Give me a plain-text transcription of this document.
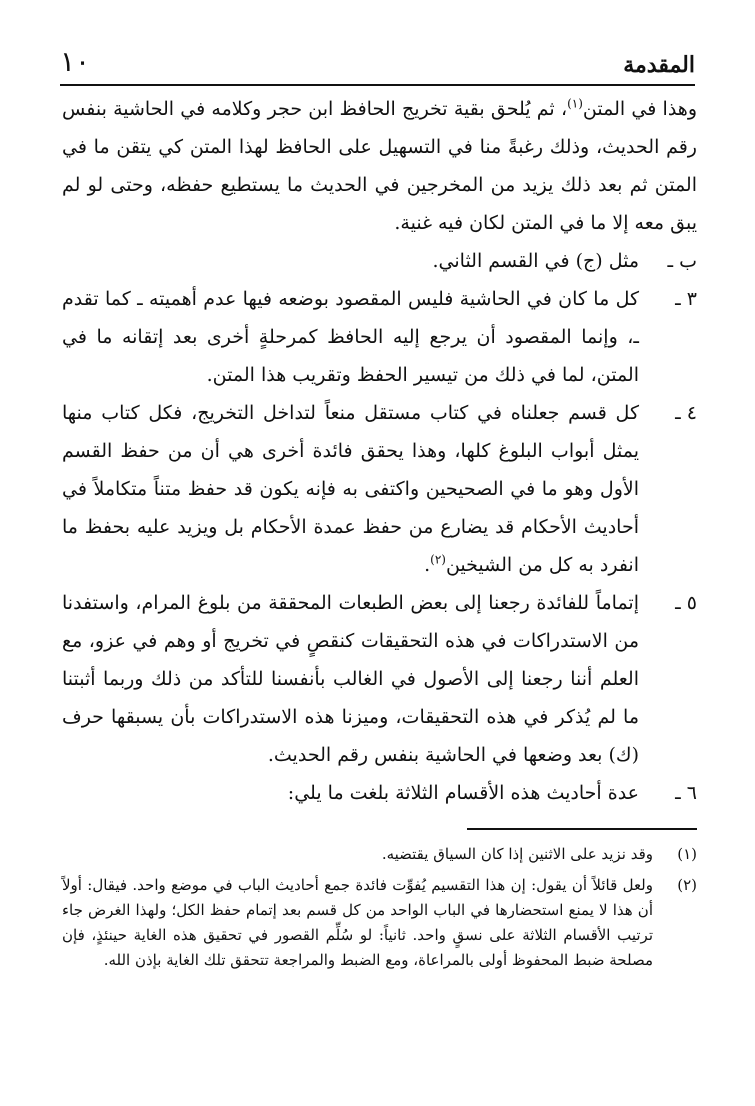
المقدمة
١٠

وهذا في المتن$^{(١)}$، ثم يُلحق بقية تخريج الحافظ ابن حجر وكلامه في الحاشية بنفس رقم الحديث، وذلك رغبةً منا في التسهيل على الحافظ لهذا المتن كي يتقن ما في المتن ثم بعد ذلك يزيد من المخرجين في الحديث ما يستطيع حفظه، وحتى لو لم يبق معه إلا ما في المتن لكان فيه غنية.

ب ـ
مثل (ج) في القسم الثاني.
٣ ـ
كل ما كان في الحاشية فليس المقصود بوضعه فيها عدم أهميته ـ كما تقدم ـ، وإنما المقصود أن يرجع إليه الحافظ كمرحلةٍ أخرى بعد إتقانه ما في المتن، لما في ذلك من تيسير الحفظ وتقريب هذا المتن.
٤ ـ
كل قسم جعلناه في كتاب مستقل منعاً لتداخل التخريج، فكل كتاب منها يمثل أبواب البلوغ كلها، وهذا يحقق فائدة أخرى هي أن من حفظ القسم الأول وهو ما في الصحيحين واكتفى به فإنه يكون قد حفظ متناً متكاملاً في أحاديث الأحكام قد يضارع من حفظ عمدة الأحكام بل ويزيد عليه بحفظ ما انفرد به كل من الشيخين$^{(٢)}$.
٥ ـ
إتماماً للفائدة رجعنا إلى بعض الطبعات المحققة من بلوغ المرام، واستفدنا من الاستدراكات في هذه التحقيقات كنقصٍ في تخريج أو وهم في عزو، مع العلم أننا رجعنا إلى الأصول في الغالب بأنفسنا للتأكد من ذلك وربما أثبتنا ما لم يُذكر في هذه التحقيقات، وميزنا هذه الاستدراكات بأن يسبقها حرف (ك) بعد وضعها في الحاشية بنفس رقم الحديث.
٦ ـ
عدة أحاديث هذه الأقسام الثلاثة بلغت ما يلي:
(١)
وقد نزيد على الاثنين إذا كان السياق يقتضيه.
(٢)
ولعل قائلاً أن يقول: إن هذا التقسيم يُفوِّت فائدة جمع أحاديث الباب في موضع واحد. فيقال: أولاً أن هذا لا يمنع استحضارها في الباب الواحد من كل قسم بعد إتمام حفظ الكل؛ ولهذا الغرض جاء ترتيب الأقسام الثلاثة على نسقٍ واحد. ثانياً: لو سُلِّم القصور في تحقيق هذه الغاية حينئذٍ، فإن مصلحة ضبط المحفوظ أولى بالمراعاة، ومع الضبط والمراجعة تتحقق تلك الغاية بإذن الله.
